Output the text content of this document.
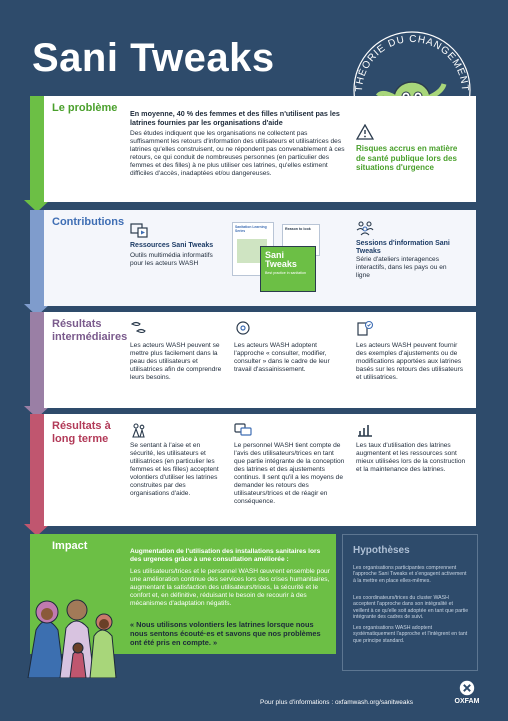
Sani Tweaks
THÉORIE DU CHANGEMENT
Le problème En moyenne, 40 % des femmes et des filles n'utilisent pas les latrines fournies par les organisations d'aide
Des études indiquent que les organisations ne collectent pas suffisamment les retours d'information des utilisateurs et utilisatrices des latrines qu'elles construisent, ou ne répondent pas convenablement à ces retours, ce qui conduit de nombreuses personnes (en particulier des femmes et des filles) à ne plus utiliser ces latrines, qu'elles estiment difficiles d'accès, inadaptées et/ou dangereuses.
Risques accrus en matière de santé publique lors des situations d'urgence
Contributions
Ressources Sani Tweaks
Outils multimédia informatifs pour les acteurs WASH
Sanitation Learning Series	Reason to look
Sani Tweaks
Best practice in sanitation
Sessions d'information Sani Tweaks
Série d'ateliers interagences interactifs, dans les pays ou en ligne
Résultats intermédiaires
Les acteurs WASH peuvent se mettre plus facilement dans la peau des utilisateurs et utilisatrices afin de comprendre leurs besoins.
Les acteurs WASH adoptent l'approche « consulter, modifier, consulter » dans le cadre de leur travail d'assainissement.
Les acteurs WASH peuvent fournir des exemples d'ajustements ou de modifications apportées aux latrines basés sur les retours des utilisateurs et utilisatrices.
Résultats à long terme
Se sentant à l'aise et en sécurité, les utilisateurs et utilisatrices (en particulier les femmes et les filles) acceptent volontiers d'utiliser les latrines construites par des organisations d'aide.
Le personnel WASH tient compte de l'avis des utilisateurs/trices en tant que partie intégrante de la conception des latrines et des ajustements continus. Il sent qu'il a les moyens de demander les retours des utilisateurs/trices et de réagir en conséquence.
Les taux d'utilisation des latrines augmentent et les ressources sont mieux utilisées lors de la construction et la maintenance des latrines.
Impact	Augmentation de l'utilisation des installations sanitaires lors des urgences grâce à une consultation améliorée :
Les utilisateurs/trices et le personnel WASH œuvrent ensemble pour une amélioration continue des services lors des crises humanitaires, augmentant la satisfaction des utilisateurs/trices, la sécurité et le confort et, en définitive, réduisant le besoin de recourir à des mécanismes d'adaptation négatifs.
« Nous utilisons volontiers les latrines lorsque nous nous sentons écouté·es et savons que nos problèmes ont été pris en compte. »
Hypothèses
Les organisations participantes comprennent l'approche Sani Tweaks et s'engagent activement à la mettre en place elles-mêmes.
Les coordinateurs/trices du cluster WASH acceptent l'approche dans son intégralité et veillent à ce qu'elle soit adoptée en tant que partie intégrante des cadres de suivi.
Les organisations WASH adoptent systématiquement l'approche et l'intègrent en tant que principe standard.
Pour plus d'informations : oxfamwash.org/sanitweaks	OXFAM
